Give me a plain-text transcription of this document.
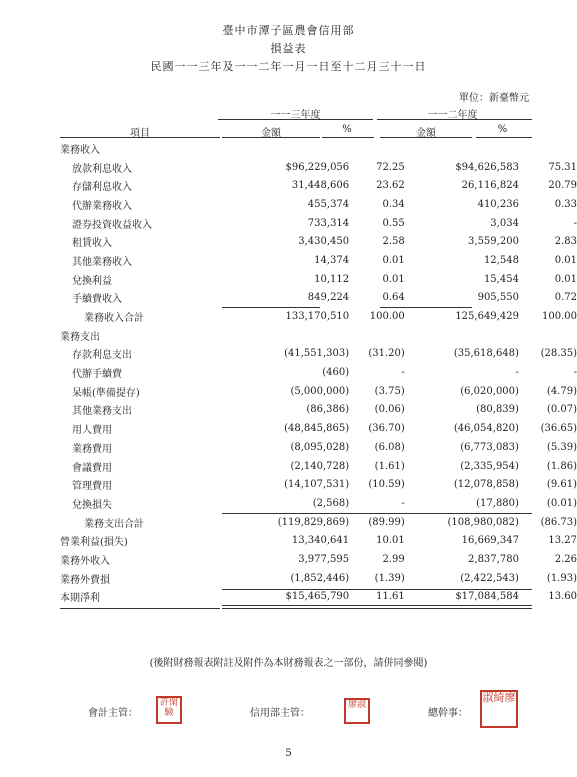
臺中市潭子區農會信用部
損益表
民國一一三年及一一二年一月一日至十二月三十一日
單位：新臺幣元
一一三年度	一一二年度
項目	金額	%	金額	%
業務收入				
放款利息收入	$96,229,056	72.25	$94,626,583	75.31
存儲利息收入	31,448,606	23.62	26,116,824	20.79
代辦業務收入	455,374	0.34	410,236	0.33
證券投資收益收入	733,314	0.55	3,034	-
租賃收入	3,430,450	2.58	3,559,200	2.83
其他業務收入	14,374	0.01	12,548	0.01
兌換利益	10,112	0.01	15,454	0.01
手續費收入	849,224	0.64	905,550	0.72
業務收入合計	133,170,510	100.00	125,649,429	100.00
業務支出				
存款利息支出	(41,551,303)	(31.20)	(35,618,648)	(28.35)
代辦手續費	(460)	-	-	-
呆帳(準備提存)	(5,000,000)	(3.75)	(6,020,000)	(4.79)
其他業務支出	(86,386)	(0.06)	(80,839)	(0.07)
用人費用	(48,845,865)	(36.70)	(46,054,820)	(36.65)
業務費用	(8,095,028)	(6.08)	(6,773,083)	(5.39)
會議費用	(2,140,728)	(1.61)	(2,335,954)	(1.86)
管理費用	(14,107,531)	(10.59)	(12,078,858)	(9.61)
兌換損失	(2,568)	-	(17,880)	(0.01)
業務支出合計	(119,829,869)	(89.99)	(108,980,082)	(86.73)
營業利益(損失)	13,340,641	10.01	16,669,347	13.27
業務外收入	3,977,595	2.99	2,837,780	2.26
業務外費損	(1,852,446)	(1.39)	(2,422,543)	(1.93)
本期淨利	$15,465,790	11.61	$17,084,584	13.60
(後附財務報表附註及附件為本財務報表之一部份，請併同參閱)
會計主管：
許閑驗	信用部主管：
廖淑
總幹事：
淑綺廖
5
